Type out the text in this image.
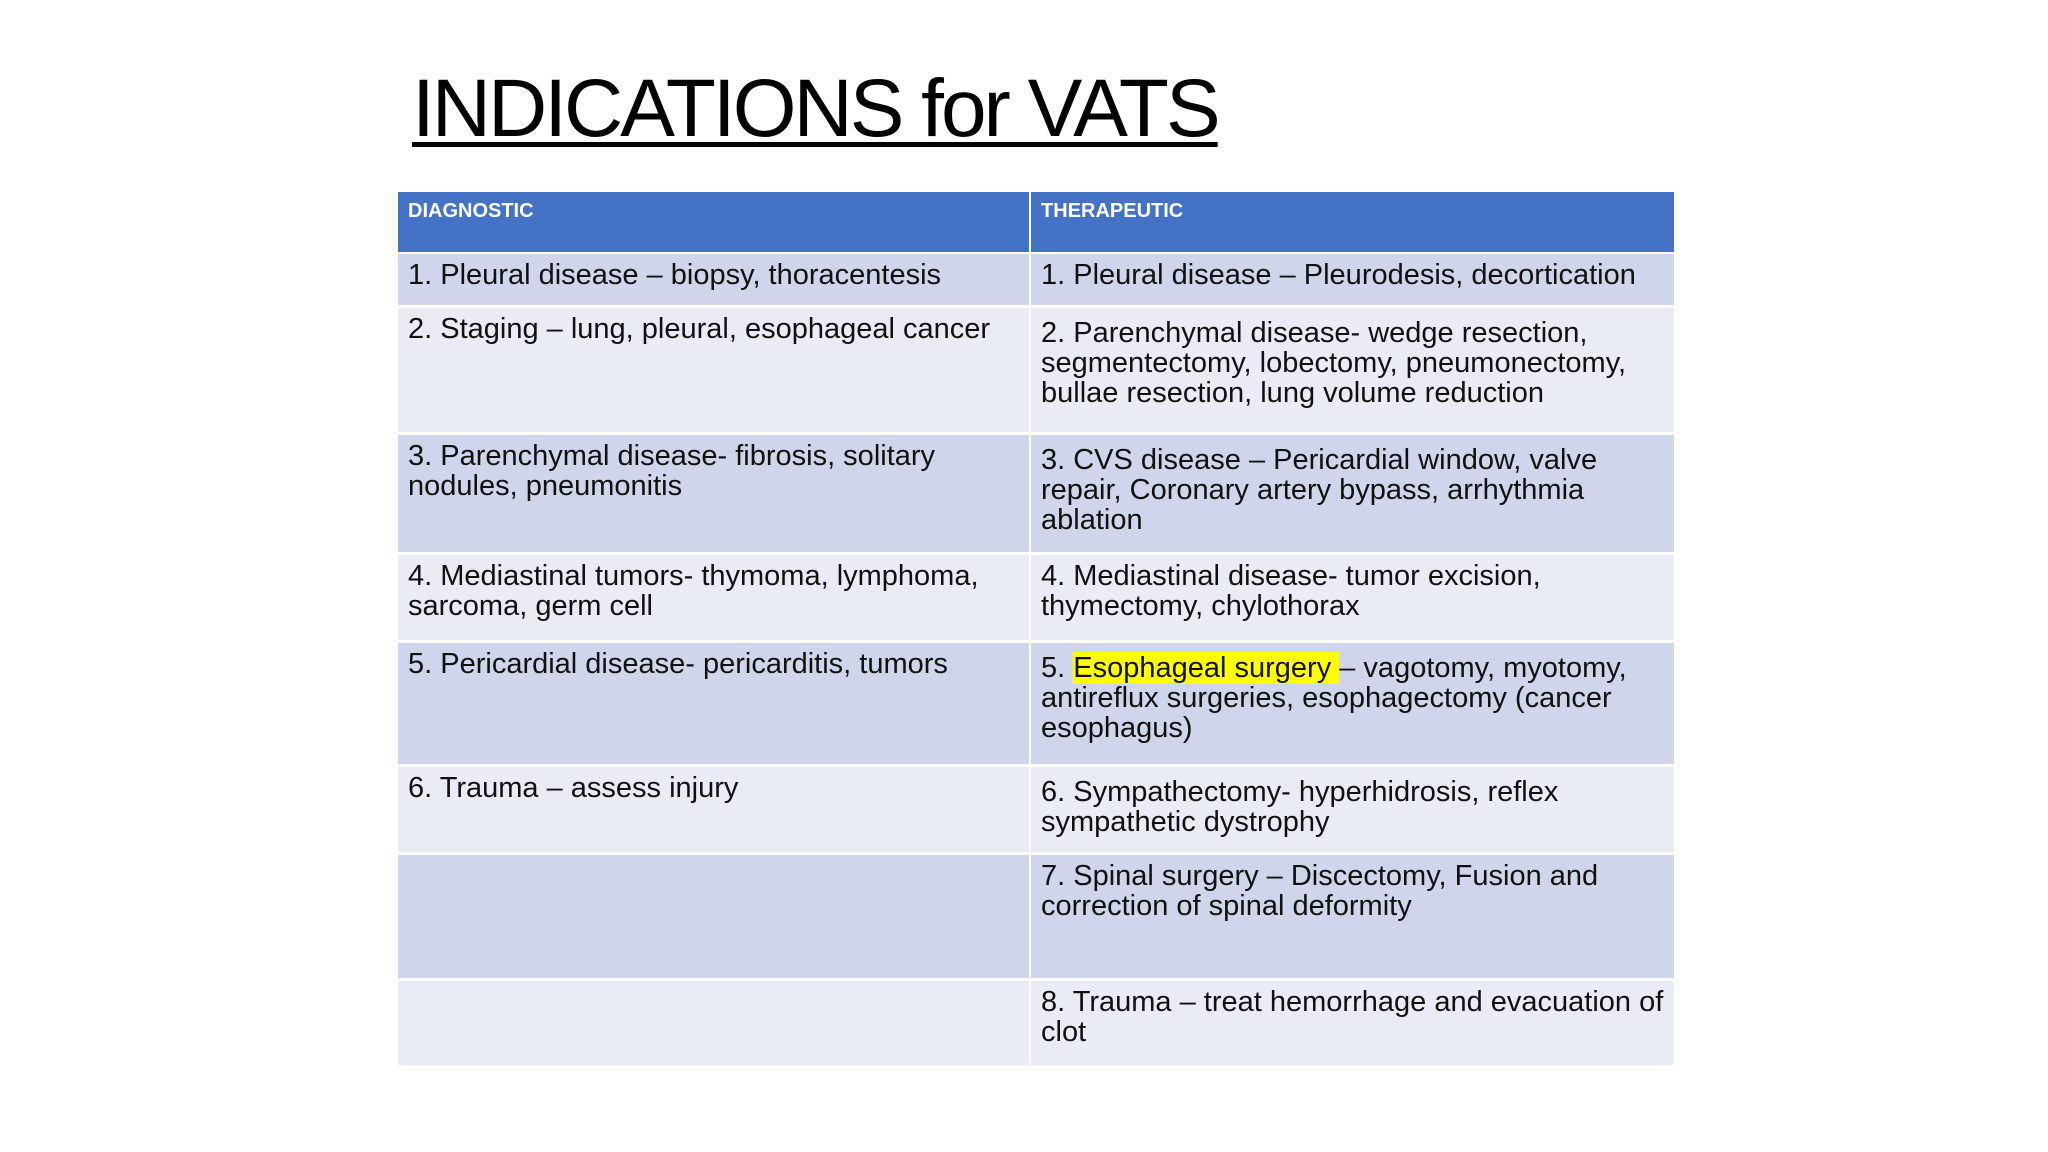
INDICATIONS for VATS
DIAGNOSTIC	THERAPEUTIC
1. Pleural disease – biopsy, thoracentesis	1. Pleural disease – Pleurodesis, decortication
2. Staging – lung, pleural, esophageal cancer	2. Parenchymal disease- wedge resection, segmentectomy, lobectomy, pneumonectomy, bullae resection, lung volume reduction
3. Parenchymal disease- fibrosis, solitary nodules, pneumonitis	3. CVS disease – Pericardial window, valve repair, Coronary artery bypass, arrhythmia ablation
4. Mediastinal tumors- thymoma, lymphoma, sarcoma, germ cell	4. Mediastinal disease- tumor excision, thymectomy, chylothorax
5. Pericardial disease- pericarditis, tumors	5. Esophageal surgery – vagotomy, myotomy, antireflux surgeries, esophagectomy (cancer esophagus)
6. Trauma – assess injury	6. Sympathectomy- hyperhidrosis, reflex sympathetic dystrophy
	7. Spinal surgery – Discectomy, Fusion and correction of spinal deformity
	8. Trauma – treat hemorrhage and evacuation of clot
